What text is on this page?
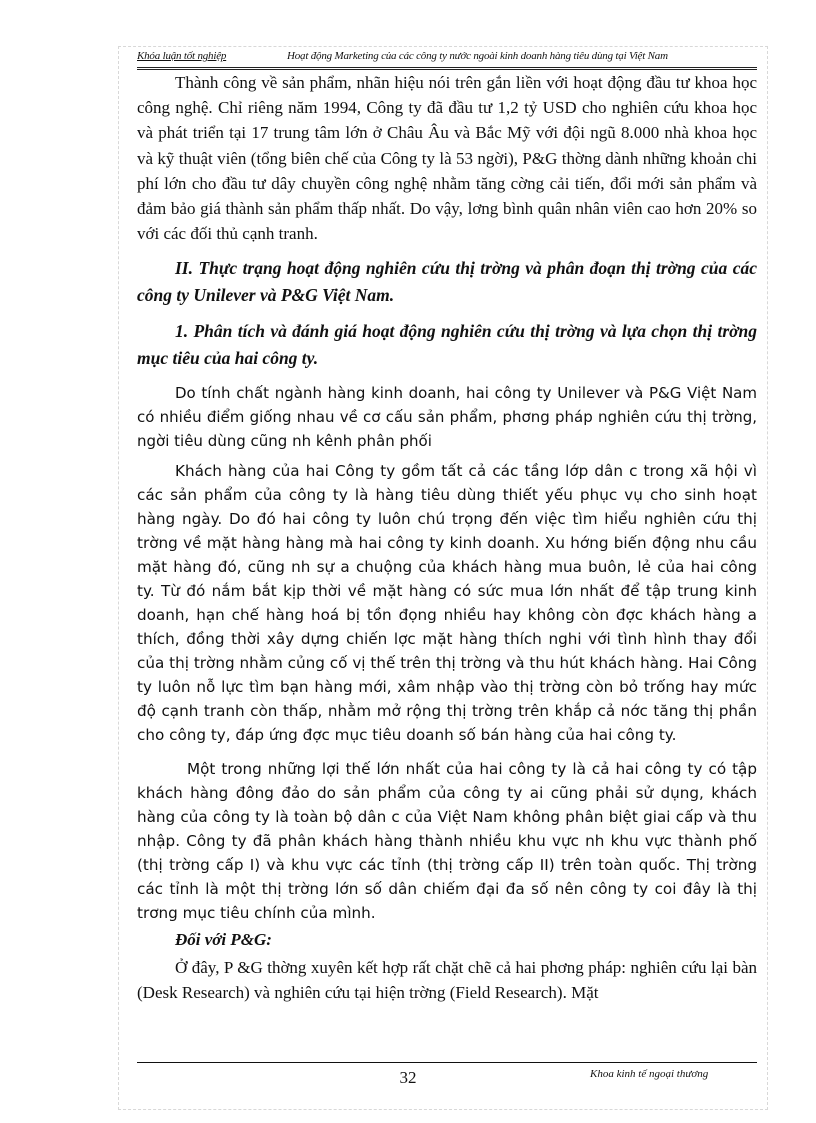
Khóa luận tốt nghiệp	Hoạt động Marketing của các công ty nước ngoài kinh doanh hàng tiêu dùng tại Việt Nam

Thành công về sản phẩm, nhãn hiệu nói trên gắn liền với hoạt động đầu tư khoa học công nghệ. Chỉ riêng năm 1994, Công ty đã đầu tư 1,2 tỷ USD cho nghiên cứu khoa học và phát triển tại 17 trung tâm lớn ở Châu Âu và Bắc Mỹ với đội ngũ 8.000 nhà khoa học và kỹ thuật viên (tổng biên chế của Công ty là 53 ngời), P&G thờng dành những khoản chi phí lớn cho đầu tư dây chuyền công nghệ nhằm tăng cờng cải tiến, đổi mới sản phẩm và đảm bảo giá thành sản phẩm thấp nhất. Do vậy, lơng bình quân nhân viên cao hơn 20% so với các đối thủ cạnh tranh.

II. Thực trạng hoạt động nghiên cứu thị trờng và phân đoạn thị trờng của các công ty Unilever và P&G Việt Nam.

1. Phân tích và đánh giá hoạt động nghiên cứu thị trờng và lựa chọn thị trờng mục tiêu của hai công ty.

Do tính chất ngành hàng kinh doanh, hai công ty Unilever và P&G Việt Nam có nhiều điểm giống nhau về cơ cấu sản phẩm, phơng pháp nghiên cứu thị trờng, ngời tiêu dùng cũng nh kênh phân phối

Khách hàng của hai Công ty gồm tất cả các tầng lớp dân c trong xã hội vì các sản phẩm của công ty là hàng tiêu dùng thiết yếu phục vụ cho sinh hoạt hàng ngày. Do đó hai công ty luôn chú trọng đến việc tìm hiểu nghiên cứu thị trờng về mặt hàng hàng mà hai công ty kinh doanh. Xu hớng biến động nhu cầu mặt hàng đó, cũng nh sự a chuộng của khách hàng mua buôn, lẻ của hai công ty. Từ đó nắm bắt kịp thời về mặt hàng có sức mua lớn nhất để tập trung kinh doanh, hạn chế hàng hoá bị tồn đọng nhiều hay không còn đợc khách hàng a thích, đồng thời xây dựng chiến lợc mặt hàng thích nghi với tình hình thay đổi của thị trờng nhằm củng cố vị thế trên thị trờng và thu hút khách hàng. Hai Công ty luôn nỗ lực tìm bạn hàng mới, xâm nhập vào thị trờng còn bỏ trống hay mức độ cạnh tranh còn thấp, nhằm mở rộng thị trờng trên khắp cả nớc tăng thị phần cho công ty, đáp ứng đợc mục tiêu doanh số bán hàng của hai công ty.

Một trong những lợi thế lớn nhất của hai công ty là cả hai công ty có tập khách hàng đông đảo do sản phẩm của công ty ai cũng phải sử dụng, khách hàng của công ty là toàn bộ dân c của Việt Nam không phân biệt giai cấp và thu nhập. Công ty đã phân khách hàng thành nhiều khu vực nh khu vực thành phố (thị trờng cấp I) và khu vực các tỉnh (thị trờng cấp II) trên toàn quốc. Thị trờng các tỉnh là một thị trờng lớn số dân chiếm đại đa số nên công ty coi đây là thị trơng mục tiêu chính của mình.

Đối với P&G:

Ở đây, P &G thờng xuyên kết hợp rất chặt chẽ cả hai phơng pháp: nghiên cứu lại bàn (Desk Research) và nghiên cứu tại hiện trờng (Field Research). Mặt

32	Khoa kinh tế ngoại thương
